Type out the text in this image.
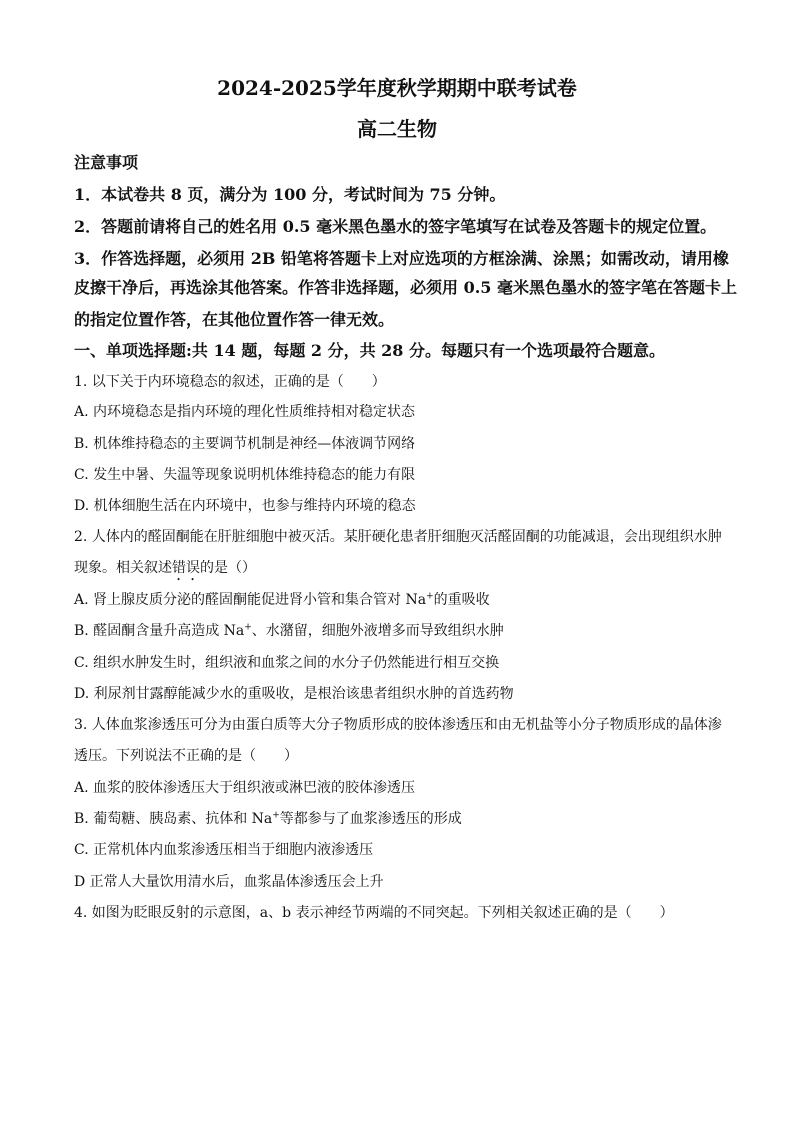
2024-2025学年度秋学期期中联考试卷
高二生物
注意事项
1．本试卷共 8 页，满分为 100 分，考试时间为 75 分钟。
2．答题前请将自己的姓名用 0.5 毫米黑色墨水的签字笔填写在试卷及答题卡的规定位置。
3．作答选择题，必须用 2B 铅笔将答题卡上对应选项的方框涂满、涂黑；如需改动，请用橡
皮擦干净后，再选涂其他答案。作答非选择题，必须用 0.5 毫米黑色墨水的签字笔在答题卡上
的指定位置作答，在其他位置作答一律无效。
一、单项选择题:共 14 题，每题 2 分，共 28 分。每题只有一个选项最符合题意。
1. 以下关于内环境稳态的叙述，正确的是（　　）
A. 内环境稳态是指内环境的理化性质维持相对稳定状态
B. 机体维持稳态的主要调节机制是神经—体液调节网络
C. 发生中暑、失温等现象说明机体维持稳态的能力有限
D. 机体细胞生活在内环境中，也参与维持内环境的稳态
2. 人体内的醛固酮能在肝脏细胞中被灭活。某肝硬化患者肝细胞灭活醛固酮的功能减退，会出现组织水肿
现象。相关叙述错误的是（）
A. 肾上腺皮质分泌的醛固酮能促进肾小管和集合管对 Na+的重吸收
B. 醛固酮含量升高造成 Na+、水潴留，细胞外液增多而导致组织水肿
C. 组织水肿发生时，组织液和血浆之间的水分子仍然能进行相互交换
D. 利尿剂甘露醇能减少水的重吸收，是根治该患者组织水肿的首选药物
3. 人体血浆渗透压可分为由蛋白质等大分子物质形成的胶体渗透压和由无机盐等小分子物质形成的晶体渗
透压。下列说法不正确的是（　　）
A. 血浆的胶体渗透压大于组织液或淋巴液的胶体渗透压
B. 葡萄糖、胰岛素、抗体和 Na+等都参与了血浆渗透压的形成
C. 正常机体内血浆渗透压相当于细胞内液渗透压
D 正常人大量饮用清水后，血浆晶体渗透压会上升
4. 如图为眨眼反射的示意图，a、b 表示神经节两端的不同突起。下列相关叙述正确的是（　　）
